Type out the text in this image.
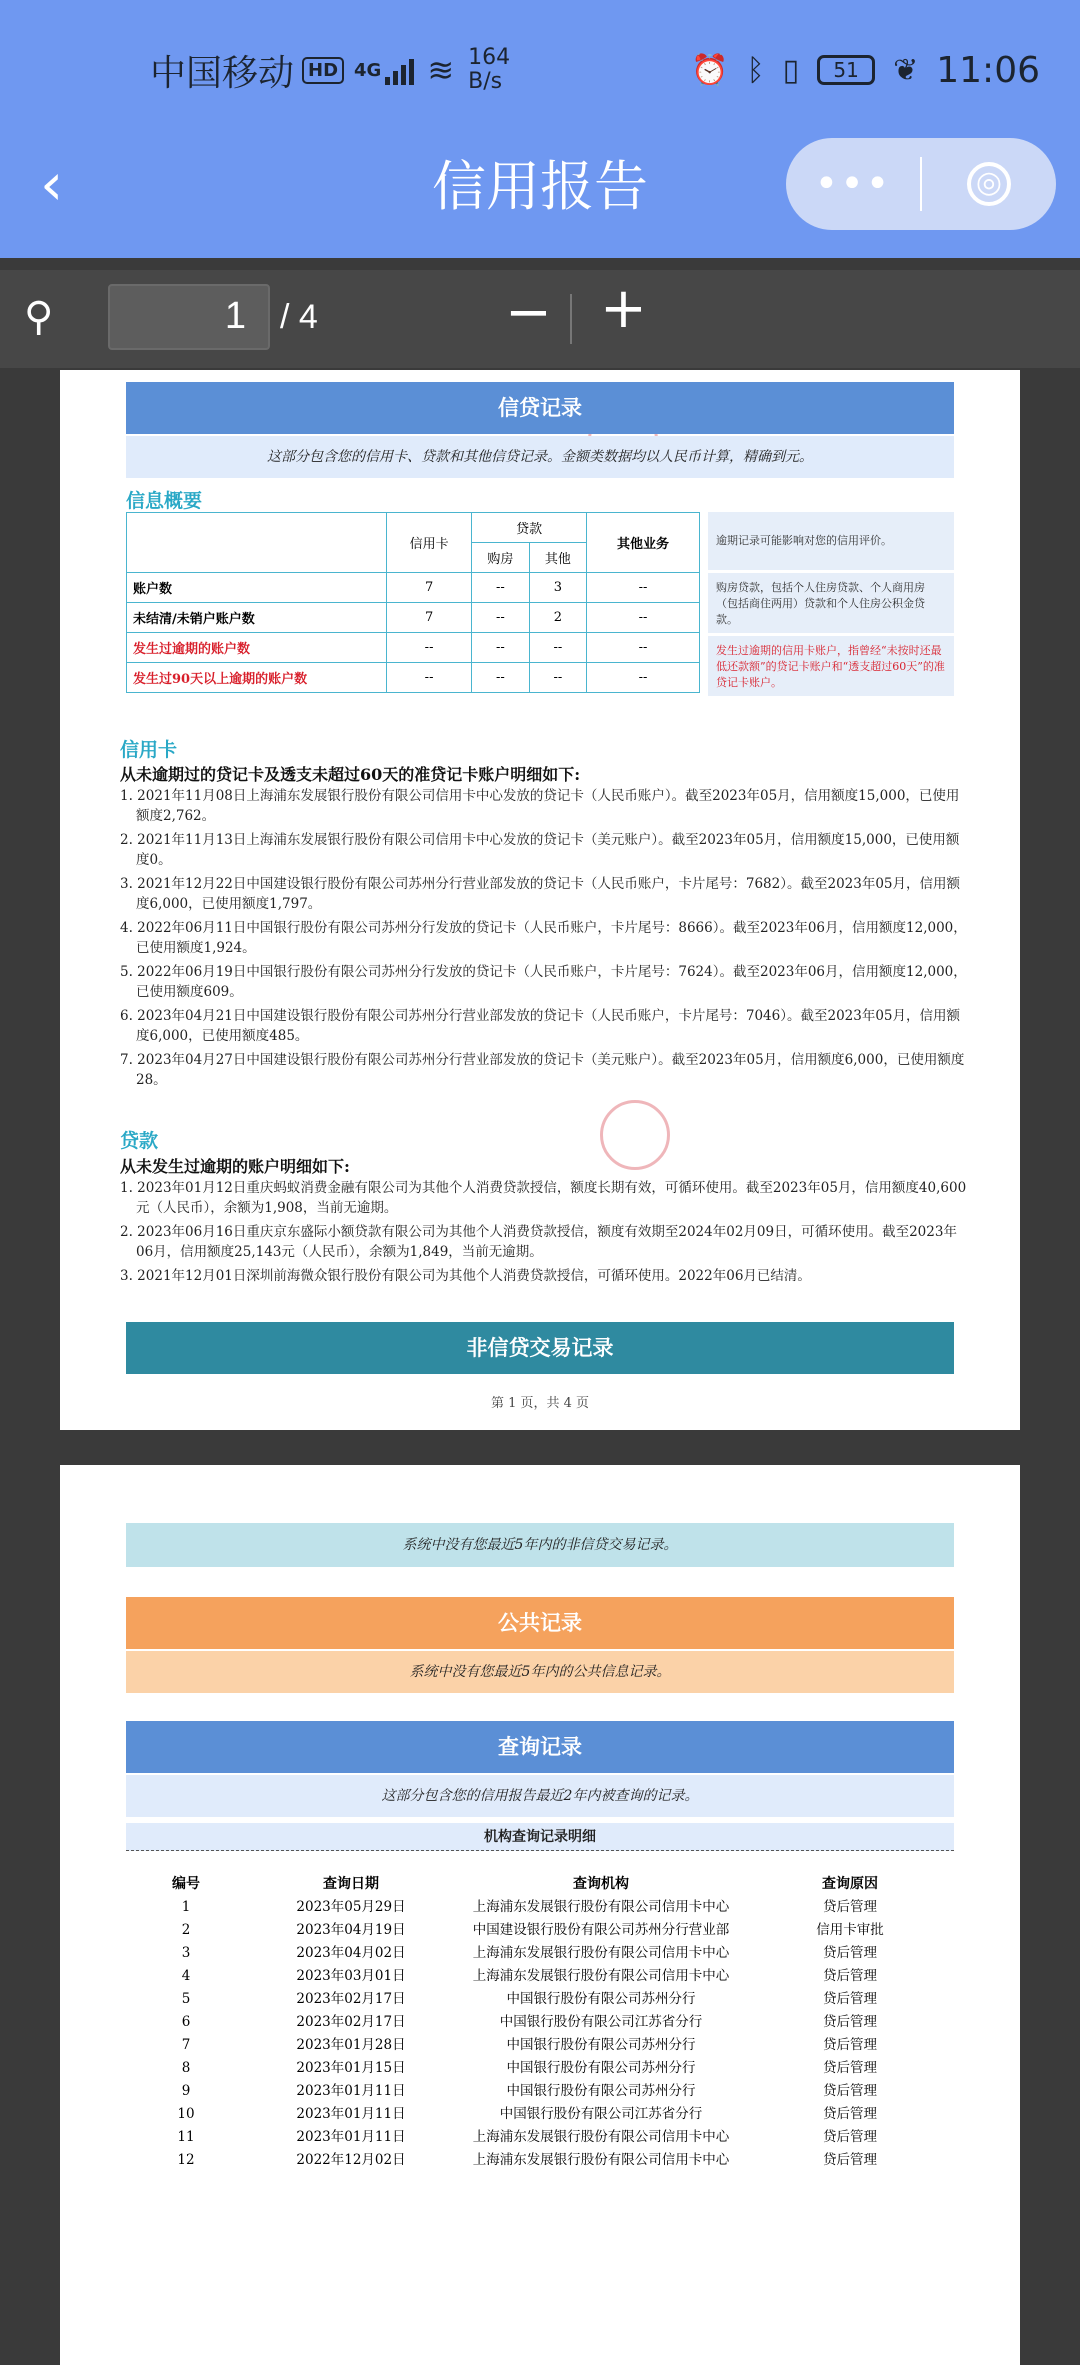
中国移动 HD 4G ≋ 164
B/s	⏰ ᛒ ▯	51	❦ 11:06
‹	信用报告	•••	◎
⚲	1	/ 4	− +
信贷记录
这部分包含您的信用卡、贷款和其他信贷记录。金额类数据均以人民币计算，精确到元。
信息概要
	信用卡	贷款		其他业务
		购房	其他	
账户数	7	--	3	--
未结清/未销户账户数	7	--	2	--
发生过逾期的账户数	--	--	--	--
发生过90天以上逾期的账户数	--	--	--	--
逾期记录可能影响对您的信用评价。
购房贷款，包括个人住房贷款、个人商用房（包括商住两用）贷款和个人住房公积金贷款。
发生过逾期的信用卡账户，指曾经“未按时还最低还款额”的贷记卡账户和“透支超过60天”的准贷记卡账户。
信用卡
从未逾期过的贷记卡及透支未超过60天的准贷记卡账户明细如下:
1. 2021年11月08日上海浦东发展银行股份有限公司信用卡中心发放的贷记卡（人民币账户）。截至2023年05月，信用额度15,000，已使用额度2,762。
2. 2021年11月13日上海浦东发展银行股份有限公司信用卡中心发放的贷记卡（美元账户）。截至2023年05月，信用额度15,000，已使用额度0。
3. 2021年12月22日中国建设银行股份有限公司苏州分行营业部发放的贷记卡（人民币账户，卡片尾号：7682）。截至2023年05月，信用额度6,000，已使用额度1,797。
4. 2022年06月11日中国银行股份有限公司苏州分行发放的贷记卡（人民币账户，卡片尾号：8666）。截至2023年06月，信用额度12,000，已使用额度1,924。
5. 2022年06月19日中国银行股份有限公司苏州分行发放的贷记卡（人民币账户，卡片尾号：7624）。截至2023年06月，信用额度12,000，已使用额度609。
6. 2023年04月21日中国建设银行股份有限公司苏州分行营业部发放的贷记卡（人民币账户，卡片尾号：7046）。截至2023年05月，信用额度6,000，已使用额度485。
7. 2023年04月27日中国建设银行股份有限公司苏州分行营业部发放的贷记卡（美元账户）。截至2023年05月，信用额度6,000，已使用额度28。
贷款
从未发生过逾期的账户明细如下:
1. 2023年01月12日重庆蚂蚁消费金融有限公司为其他个人消费贷款授信，额度长期有效，可循环使用。截至2023年05月，信用额度40,600元（人民币），余额为1,908，当前无逾期。
2. 2023年06月16日重庆京东盛际小额贷款有限公司为其他个人消费贷款授信，额度有效期至2024年02月09日，可循环使用。截至2023年06月，信用额度25,143元（人民币），余额为1,849，当前无逾期。
3. 2021年12月01日深圳前海微众银行股份有限公司为其他个人消费贷款授信，可循环使用。2022年06月已结清。
非信贷交易记录
第 1 页，共 4 页
系统中没有您最近5年内的非信贷交易记录。
公共记录
系统中没有您最近5年内的公共信息记录。
查询记录
这部分包含您的信用报告最近2年内被查询的记录。
机构查询记录明细
编号	查询日期	查询机构	查询原因
1	2023年05月29日	上海浦东发展银行股份有限公司信用卡中心	贷后管理
2	2023年04月19日	中国建设银行股份有限公司苏州分行营业部	信用卡审批
3	2023年04月02日	上海浦东发展银行股份有限公司信用卡中心	贷后管理
4	2023年03月01日	上海浦东发展银行股份有限公司信用卡中心	贷后管理
5	2023年02月17日	中国银行股份有限公司苏州分行	贷后管理
6	2023年02月17日	中国银行股份有限公司江苏省分行	贷后管理
7	2023年01月28日	中国银行股份有限公司苏州分行	贷后管理
8	2023年01月15日	中国银行股份有限公司苏州分行	贷后管理
9	2023年01月11日	中国银行股份有限公司苏州分行	贷后管理
10	2023年01月11日	中国银行股份有限公司江苏省分行	贷后管理
11	2023年01月11日	上海浦东发展银行股份有限公司信用卡中心	贷后管理
12	2022年12月02日	上海浦东发展银行股份有限公司信用卡中心	贷后管理
